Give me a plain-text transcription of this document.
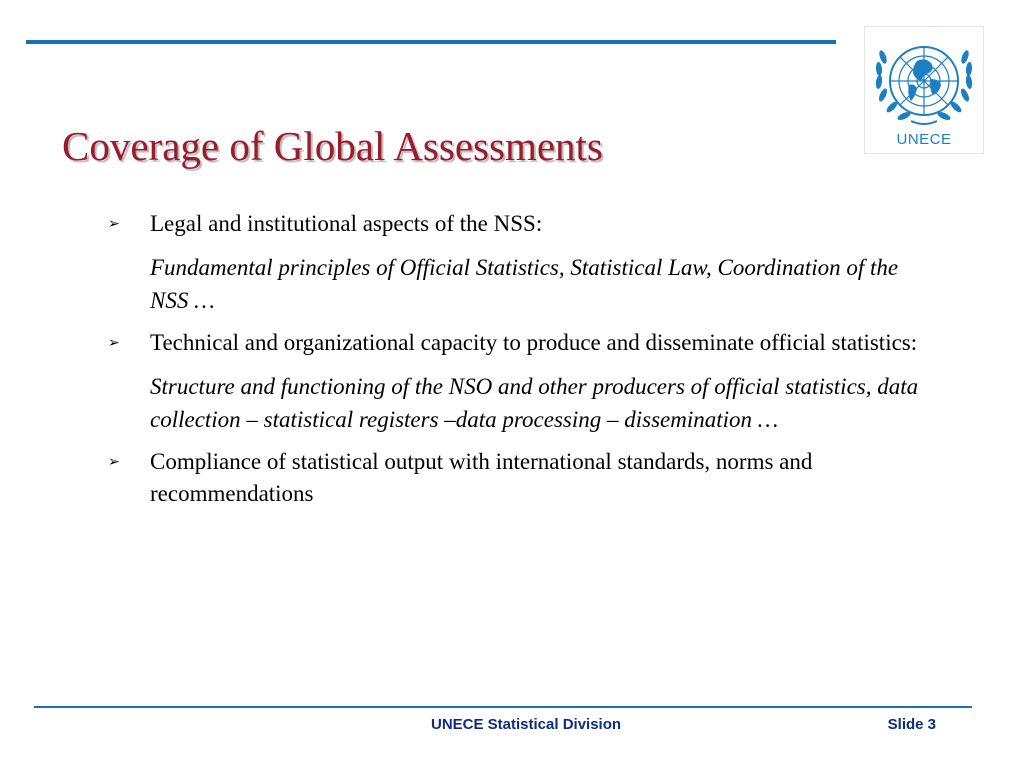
UNECE
Coverage of Global Assessments
➢ Legal and institutional aspects of the NSS:
Fundamental principles of Official Statistics, Statistical Law, Coordination of the NSS …
➢ Technical and organizational capacity to produce and disseminate official statistics:
Structure and functioning of the NSO and other producers of official statistics, data collection – statistical registers –data processing – dissemination …
➢ Compliance of statistical output with international standards, norms and recommendations
UNECE Statistical Division	Slide 3
